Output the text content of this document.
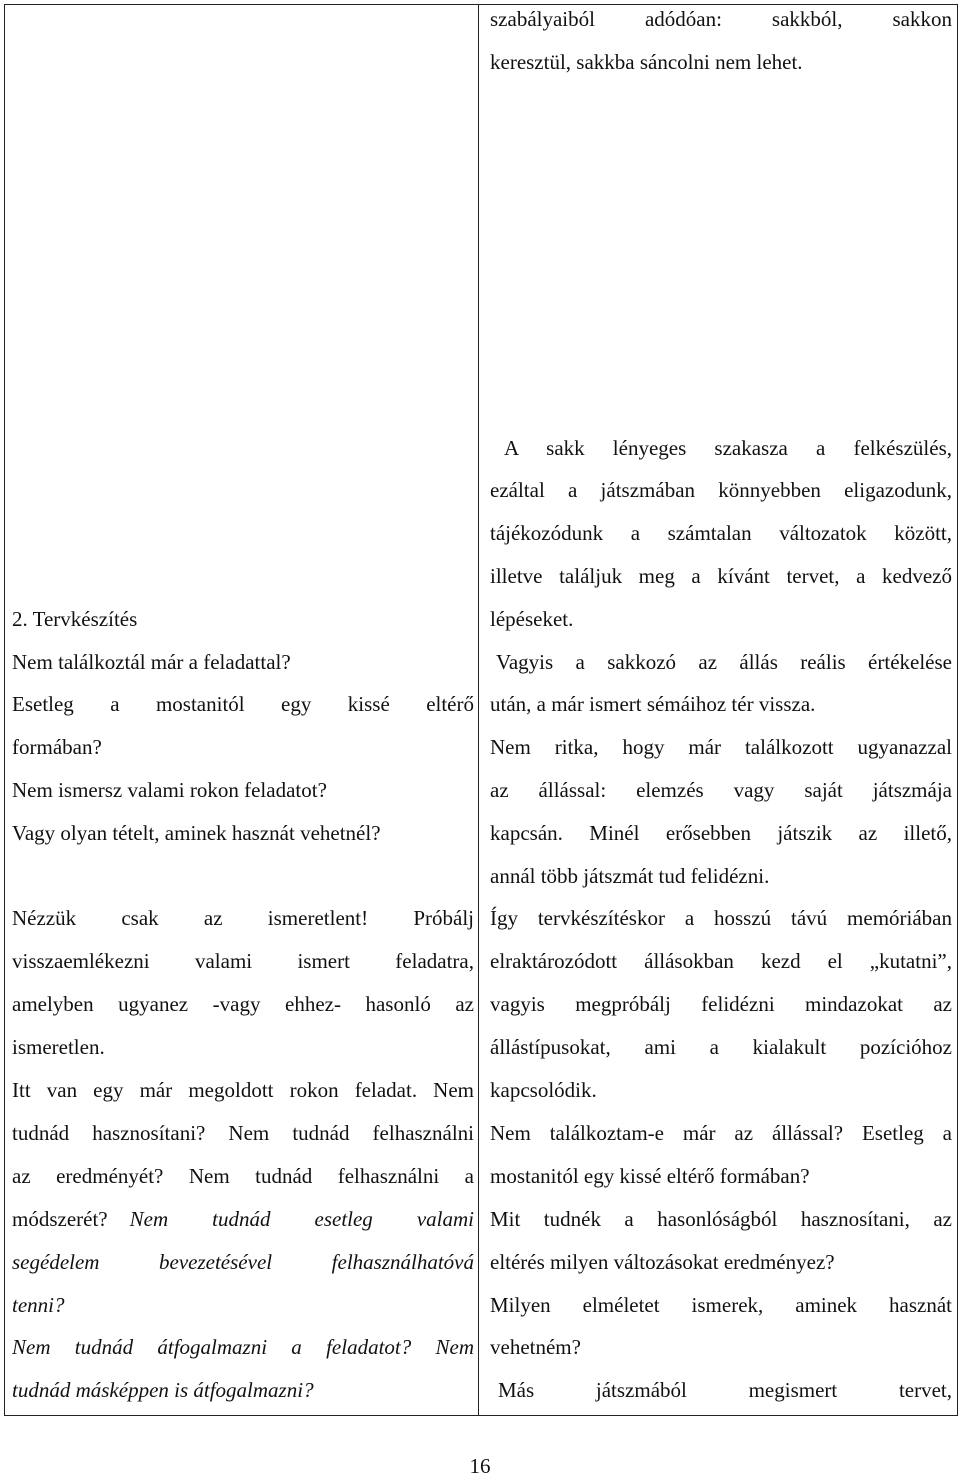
szabályaiból adódóan: sakkból, sakkon
keresztül, sakkba sáncolni nem lehet.
2. Tervkészítés
Nem találkoztál már a feladattal?
Esetleg a mostanitól egy kissé eltérő
formában?
Nem ismersz valami rokon feladatot?
Vagy olyan tételt, aminek hasznát vehetnél?
Nézzük csak az ismeretlent! Próbálj
visszaemlékezni valami ismert feladatra,
amelyben ugyanez -vagy ehhez- hasonló az
ismeretlen.
Itt van egy már megoldott rokon feladat. Nem
tudnád hasznosítani? Nem tudnád felhasználni
az eredményét? Nem tudnád felhasználni a
módszerét? Nem tudnád esetleg valami
segédelem bevezetésével felhasználhatóvá
tenni?
Nem tudnád átfogalmazni a feladatot? Nem
tudnád másképpen is átfogalmazni?
A sakk lényeges szakasza a felkészülés,
ezáltal a játszmában könnyebben eligazodunk,
tájékozódunk a számtalan változatok között,
illetve találjuk meg a kívánt tervet, a kedvező
lépéseket.
Vagyis a sakkozó az állás reális értékelése
után, a már ismert sémáihoz tér vissza.
Nem ritka, hogy már találkozott ugyanazzal
az állással: elemzés vagy saját játszmája
kapcsán. Minél erősebben játszik az illető,
annál több játszmát tud felidézni.
Így tervkészítéskor a hosszú távú memóriában
elraktározódott állásokban kezd el „kutatni”,
vagyis megpróbálj felidézni mindazokat az
állástípusokat, ami a kialakult pozícióhoz
kapcsolódik.
Nem találkoztam-e már az állással? Esetleg a
mostanitól egy kissé eltérő formában?
Mit tudnék a hasonlóságból hasznosítani, az
eltérés milyen változásokat eredményez?
Milyen elméletet ismerek, aminek hasznát
vehetném?
Más játszmából megismert tervet,
16
